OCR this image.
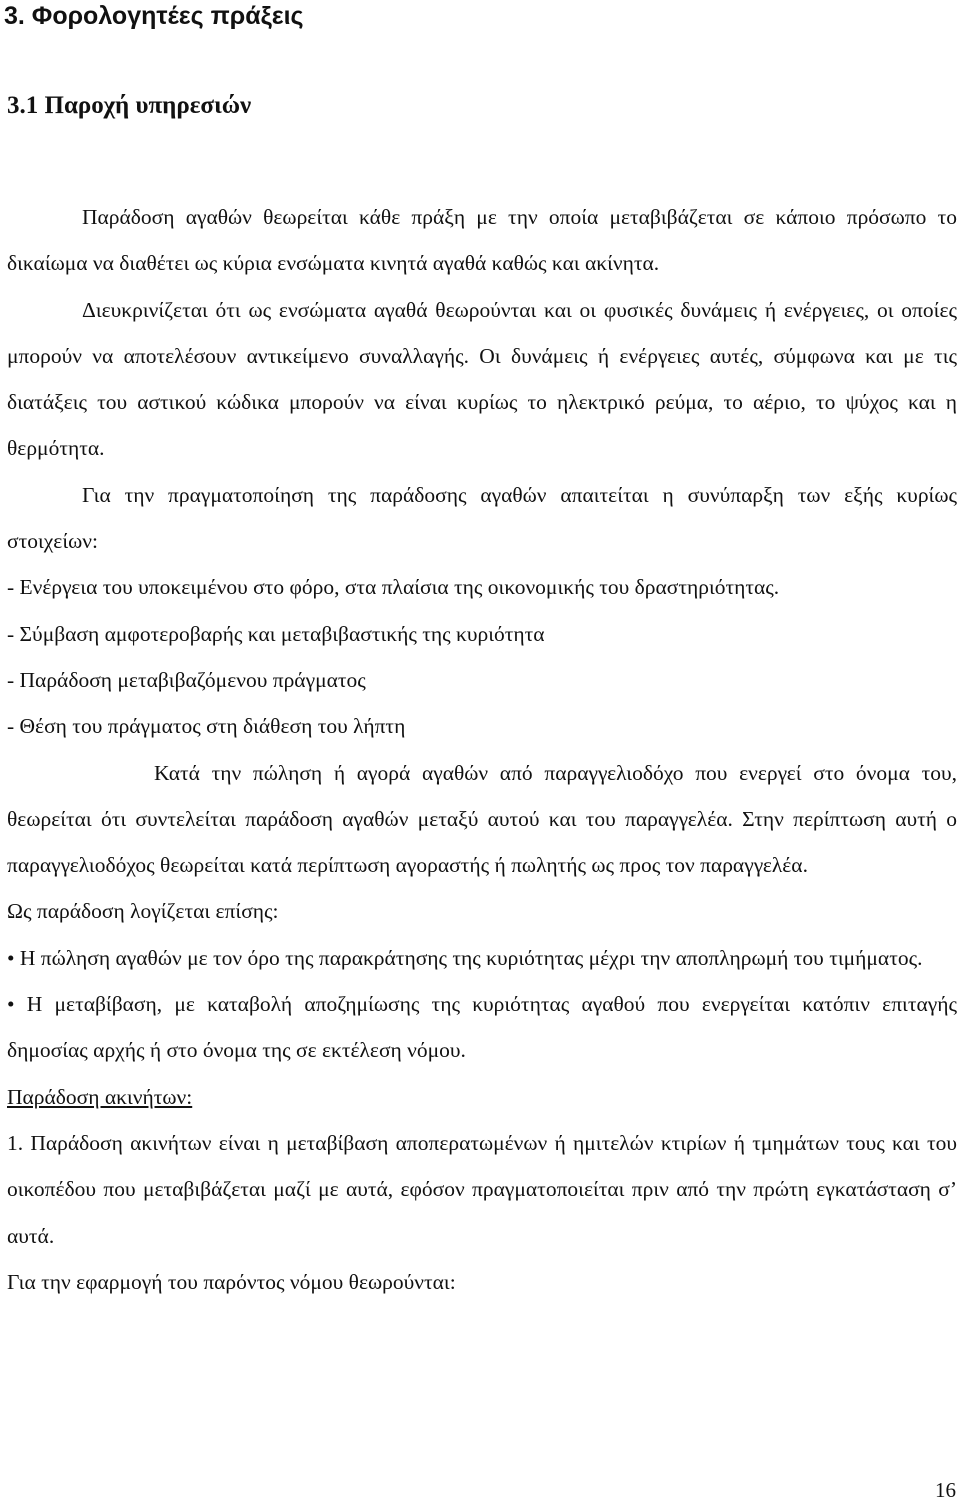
3. Φορολογητέες πράξεις
3.1 Παροχή υπηρεσιών

Παράδοση αγαθών θεωρείται κάθε πράξη με την οποία μεταβιβάζεται σε κάποιο πρόσωπο το δικαίωμα να διαθέτει ως κύρια ενσώματα κινητά αγαθά καθώς και ακίνητα.

Διευκρινίζεται ότι ως ενσώματα αγαθά θεωρούνται και οι φυσικές δυνάμεις ή ενέργειες, οι οποίες μπορούν να αποτελέσουν αντικείμενο συναλλαγής. Οι δυνάμεις ή ενέργειες αυτές, σύμφωνα και με τις διατάξεις του αστικού κώδικα μπορούν να είναι κυρίως το ηλεκτρικό ρεύμα, το αέριο, το ψύχος και η θερμότητα.

Για την πραγματοποίηση της παράδοσης αγαθών απαιτείται η συνύπαρξη των εξής κυρίως στοιχείων:

- Ενέργεια του υποκειμένου στο φόρο, στα πλαίσια της οικονομικής του δραστηριότητας.

- Σύμβαση αμφοτεροβαρής και μεταβιβαστικής της κυριότητα

- Παράδοση μεταβιβαζόμενου πράγματος

- Θέση του πράγματος στη διάθεση του λήπτη

Κατά την πώληση ή αγορά αγαθών από παραγγελιοδόχο που ενεργεί στο όνομα του, θεωρείται ότι συντελείται παράδοση αγαθών μεταξύ αυτού και του παραγγελέα. Στην περίπτωση αυτή ο παραγγελιοδόχος θεωρείται κατά περίπτωση αγοραστής ή πωλητής ως προς τον παραγγελέα.

Ως παράδοση λογίζεται επίσης:

• Η πώληση αγαθών με τον όρο της παρακράτησης της κυριότητας μέχρι την αποπληρωμή του τιμήματος.

• Η μεταβίβαση, με καταβολή αποζημίωσης της κυριότητας αγαθού που ενεργείται κατόπιν επιταγής δημοσίας αρχής ή στο όνομα της σε εκτέλεση νόμου.

Παράδοση ακινήτων:

1. Παράδοση ακινήτων είναι η μεταβίβαση αποπερατωμένων ή ημιτελών κτιρίων ή τμημάτων τους και του οικοπέδου που μεταβιβάζεται μαζί με αυτά, εφόσον πραγματοποιείται πριν από την πρώτη εγκατάσταση σ’ αυτά.

Για την εφαρμογή του παρόντος νόμου θεωρούνται:

16
